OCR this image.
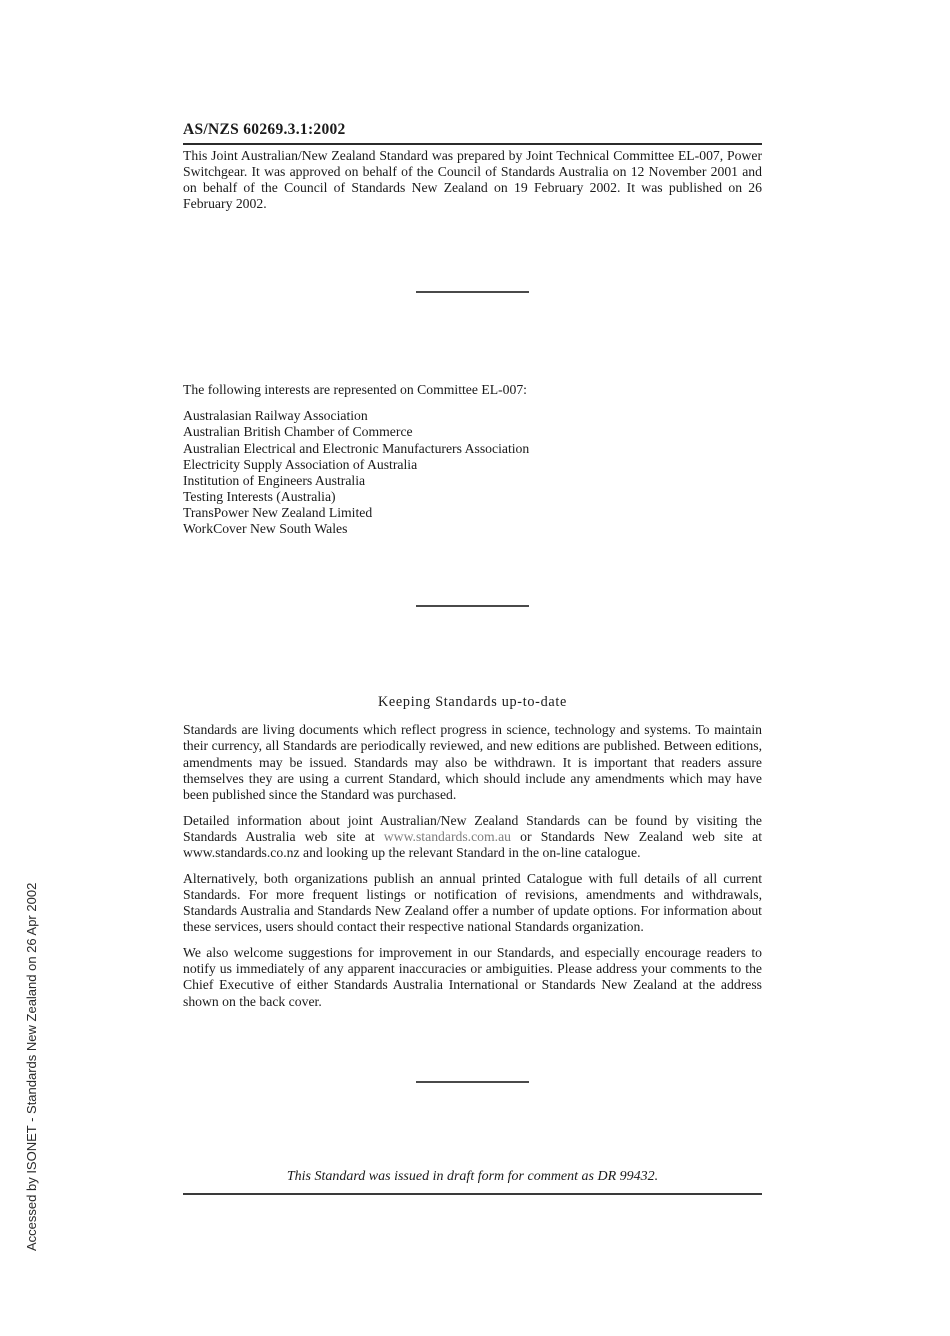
AS/NZS 60269.3.1:2002

This Joint Australian/New Zealand Standard was prepared by Joint Technical Committee EL-007, Power Switchgear. It was approved on behalf of the Council of Standards Australia on 12 November 2001 and on behalf of the Council of Standards New Zealand on 19 February 2002. It was published on 26 February 2002.

The following interests are represented on Committee EL-007:

Australasian Railway Association
Australian British Chamber of Commerce
Australian Electrical and Electronic Manufacturers Association
Electricity Supply Association of Australia
Institution of Engineers Australia
Testing Interests (Australia)
TransPower New Zealand Limited
WorkCover New South Wales
Keeping Standards up-to-date

Standards are living documents which reflect progress in science, technology and systems. To maintain their currency, all Standards are periodically reviewed, and new editions are published. Between editions, amendments may be issued. Standards may also be withdrawn. It is important that readers assure themselves they are using a current Standard, which should include any amendments which may have been published since the Standard was purchased.

Detailed information about joint Australian/New Zealand Standards can be found by visiting the Standards Australia web site at www.standards.com.au or Standards New Zealand web site at www.standards.co.nz and looking up the relevant Standard in the on-line catalogue.

Alternatively, both organizations publish an annual printed Catalogue with full details of all current Standards. For more frequent listings or notification of revisions, amendments and withdrawals, Standards Australia and Standards New Zealand offer a number of update options. For information about these services, users should contact their respective national Standards organization.

We also welcome suggestions for improvement in our Standards, and especially encourage readers to notify us immediately of any apparent inaccuracies or ambiguities. Please address your comments to the Chief Executive of either Standards Australia International or Standards New Zealand at the address shown on the back cover.

This Standard was issued in draft form for comment as DR 99432.
Accessed by ISONET - Standards New Zealand on 26 Apr 2002
